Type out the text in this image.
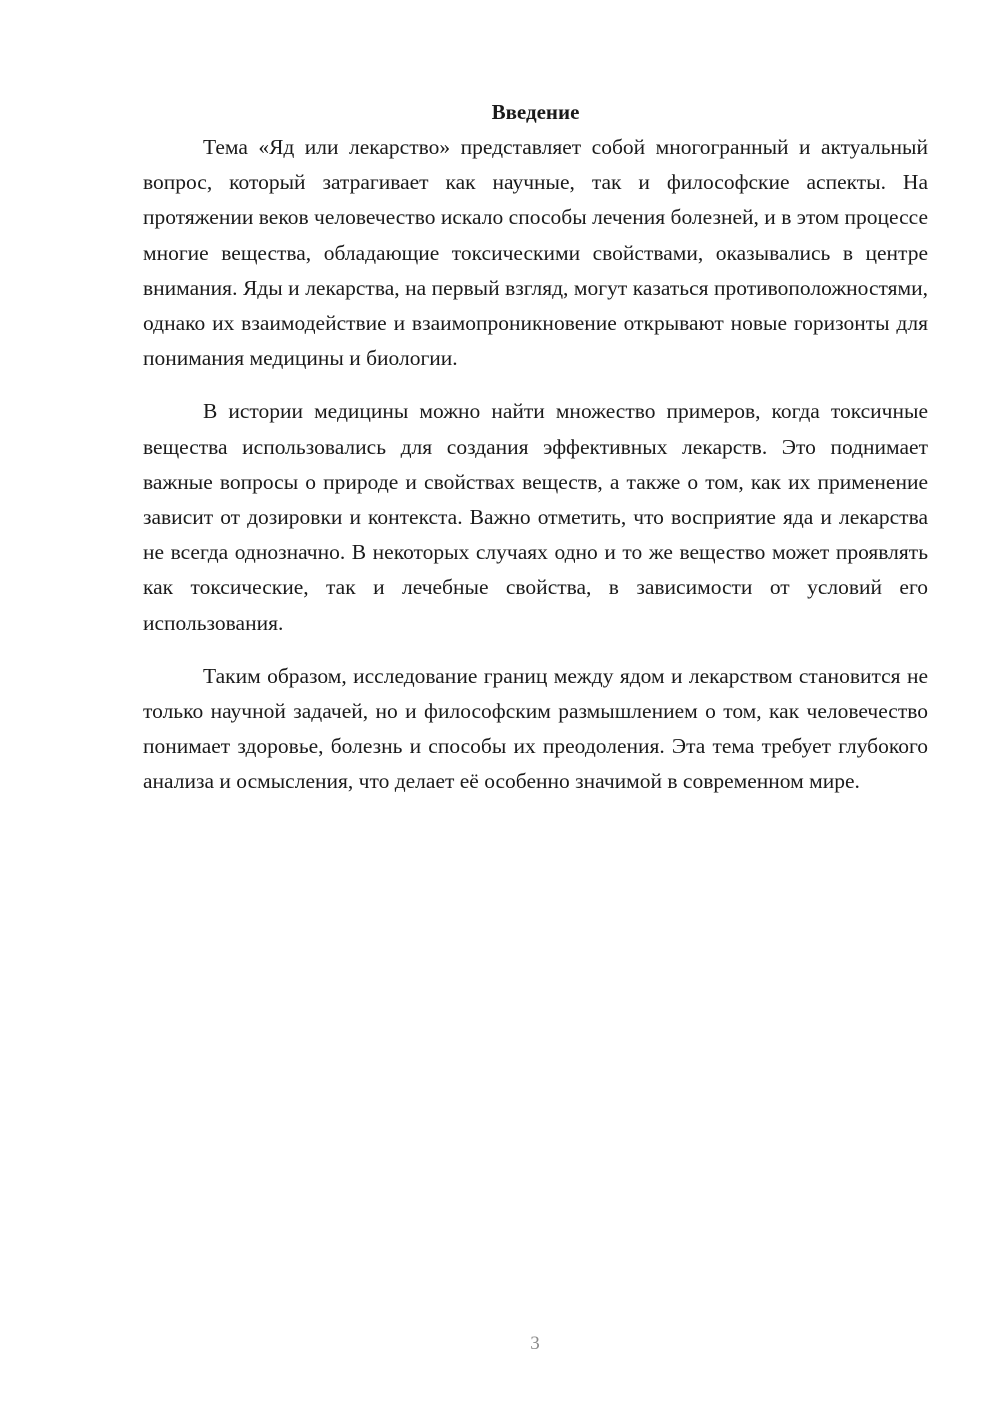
Введение

Тема «Яд или лекарство» представляет собой многогранный и актуальный вопрос, который затрагивает как научные, так и философские аспекты. На протяжении веков человечество искало способы лечения болезней, и в этом процессе многие вещества, обладающие токсическими свойствами, оказывались в центре внимания. Яды и лекарства, на первый взгляд, могут казаться противоположностями, однако их взаимодействие и взаимопроникновение открывают новые горизонты для понимания медицины и биологии.

В истории медицины можно найти множество примеров, когда токсичные вещества использовались для создания эффективных лекарств. Это поднимает важные вопросы о природе и свойствах веществ, а также о том, как их применение зависит от дозировки и контекста. Важно отметить, что восприятие яда и лекарства не всегда однозначно. В некоторых случаях одно и то же вещество может проявлять как токсические, так и лечебные свойства, в зависимости от условий его использования.

Таким образом, исследование границ между ядом и лекарством становится не только научной задачей, но и философским размышлением о том, как человечество понимает здоровье, болезнь и способы их преодоления. Эта тема требует глубокого анализа и осмысления, что делает её особенно значимой в современном мире.

3
